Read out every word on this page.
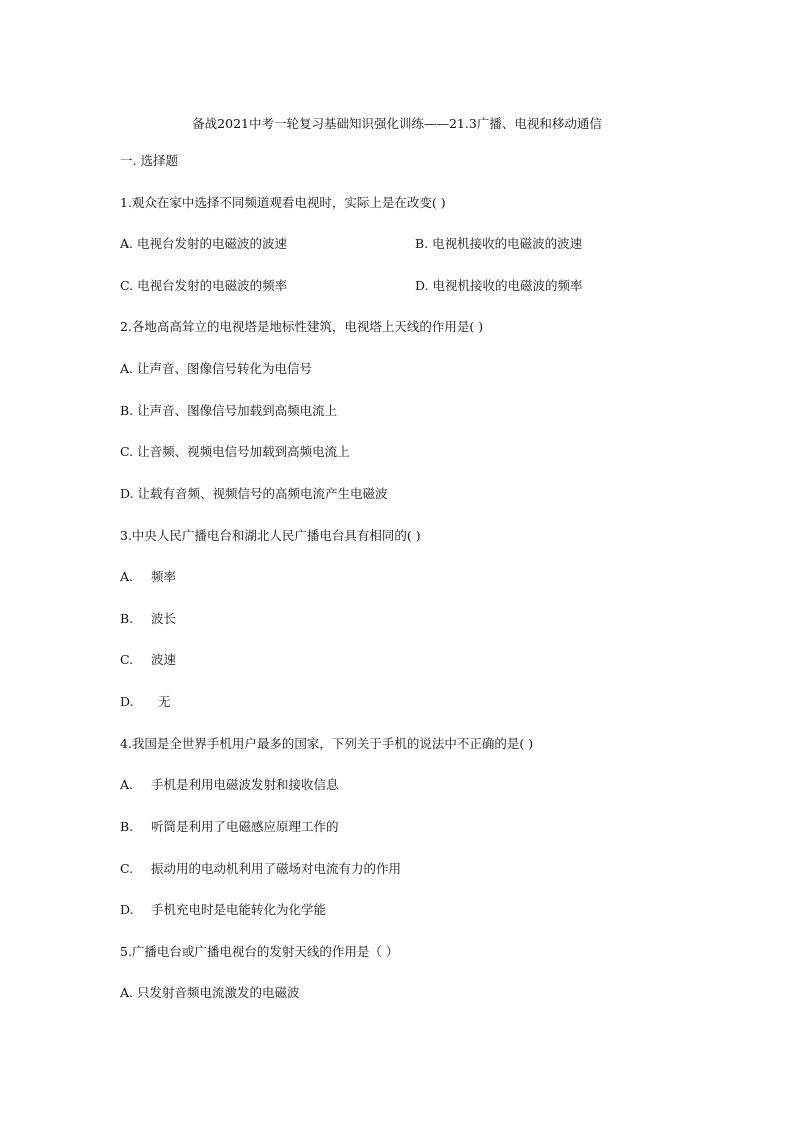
备战2021中考一轮复习基础知识强化训练——21.3广播、电视和移动通信
一. 选择题
1.观众在家中选择不同频道观看电视时，实际上是在改变( )
A. 电视台发射的电磁波的波速	B. 电视机接收的电磁波的波速
C. 电视台发射的电磁波的频率	D. 电视机接收的电磁波的频率
2.各地高高耸立的电视塔是地标性建筑，电视塔上天线的作用是( )
A. 让声音、图像信号转化为电信号
B. 让声音、图像信号加载到高频电流上
C. 让音频、视频电信号加载到高频电流上
D. 让载有音频、视频信号的高频电流产生电磁波
3.中央人民广播电台和湖北人民广播电台具有相同的( )
A. 频率
B. 波长
C. 波速
D. 无
4.我国是全世界手机用户最多的国家，下列关于手机的说法中不正确的是( )
A. 手机是利用电磁波发射和接收信息
B. 听筒是利用了电磁感应原理工作的
C. 振动用的电动机利用了磁场对电流有力的作用
D. 手机充电时是电能转化为化学能
5.广播电台或广播电视台的发射天线的作用是（ ）
A. 只发射音频电流激发的电磁波
